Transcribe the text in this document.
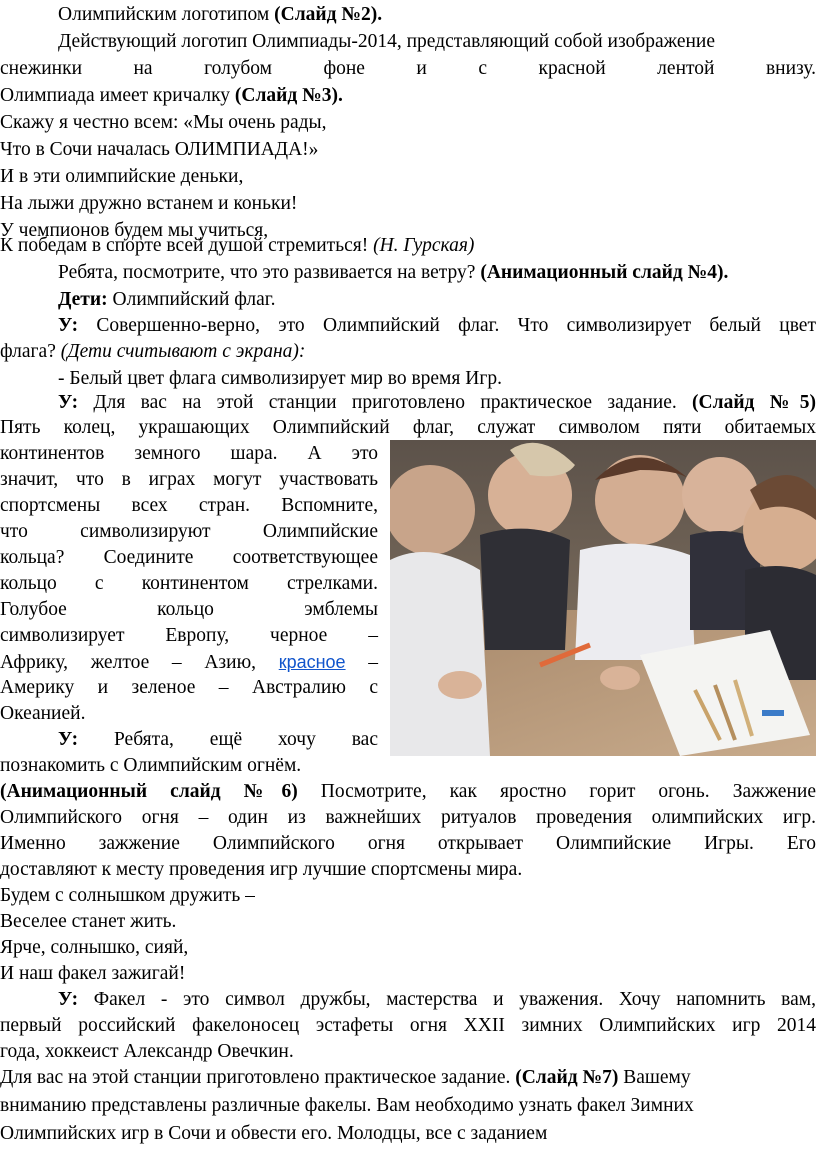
Олимпийским логотипом (Слайд №2).
Действующий логотип Олимпиады-2014, представляющий собой изображение
снежинки на голубом фоне и с красной лентой внизу.
Олимпиада имеет кричалку (Слайд №3).
Скажу я честно всем: «Мы очень рады,
Что в Сочи началась ОЛИМПИАДА!»
И в эти олимпийские деньки,
На лыжи дружно встанем и коньки!
У чемпионов будем мы учиться,
К победам в спорте всей душой стремиться! (Н. Гурская)
Ребята, посмотрите, что это развивается на ветру? (Анимационный слайд №4).
Дети: Олимпийский флаг.
У: Совершенно-верно, это Олимпийский флаг. Что символизирует белый цвет
флага? (Дети считывают с экрана):
- Белый цвет флага символизирует мир во время Игр.
У: Для вас на этой станции приготовлено практическое задание. (Слайд №5)
Пять колец, украшающих Олимпийский флаг, служат символом пяти обитаемых
континентов земного шара. А это
значит, что в играх могут участвовать
спортсмены всех стран. Вспомните,
что символизируют Олимпийские
кольца? Соедините соответствующее
кольцо с континентом стрелками.
Голубое кольцо эмблемы
символизирует Европу, черное –
Африку, желтое – Азию, красное –
Америку и зеленое – Австралию с
Океанией.
У: Ребята, ещё хочу вас
познакомить с Олимпийским огнём.
(Анимационный слайд №6) Посмотрите, как яростно горит огонь. Зажжение
Олимпийского огня – один из важнейших ритуалов проведения олимпийских игр.
Именно зажжение Олимпийского огня открывает Олимпийские Игры. Его
доставляют к месту проведения игр лучшие спортсмены мира.
Будем с солнышком дружить –
Веселее станет жить.
Ярче, солнышко, сияй,
И наш факел зажигай!
У: Факел - это символ дружбы, мастерства и уважения. Хочу напомнить вам,
первый российский факелоносец эстафеты огня XXII зимних Олимпийских игр 2014
года, хоккеист Александр Овечкин.
Для вас на этой станции приготовлено практическое задание. (Слайд №7) Вашему
вниманию представлены различные факелы. Вам необходимо узнать факел Зимних
Олимпийских игр в Сочи и обвести его. Молодцы, все с заданием
